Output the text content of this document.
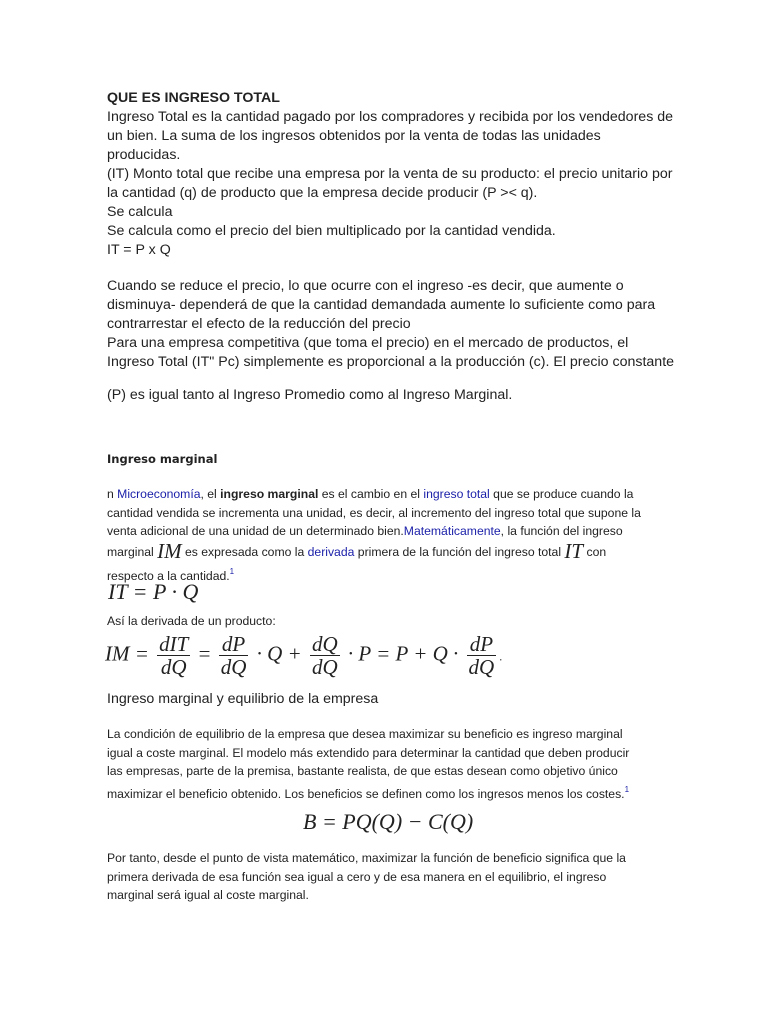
QUE ES INGRESO TOTAL

Ingreso Total es la cantidad pagado por los compradores y recibida por los vendedores de

un bien. La suma de los ingresos obtenidos por la venta de todas las unidades

producidas.

(IT) Monto total que recibe una empresa por la venta de su producto: el precio unitario por

la cantidad (q) de producto que la empresa decide producir (P >< q).

Se calcula

Se calcula como el precio del bien multiplicado por la cantidad vendida.

IT = P x Q

Cuando se reduce el precio, lo que ocurre con el ingreso -es decir, que aumente o

disminuya- dependerá de que la cantidad demandada aumente lo suficiente como para

contrarrestar el efecto de la reducción del precio

Para una empresa competitiva (que toma el precio) en el mercado de productos, el

Ingreso Total (IT" Pc) simplemente es proporcional a la producción (c). El precio constante

(P) es igual tanto al Ingreso Promedio como al Ingreso Marginal.

Ingreso marginal

n Microeconomía, el ingreso marginal es el cambio en el ingreso total que se produce cuando la

cantidad vendida se incrementa una unidad, es decir, al incremento del ingreso total que supone la

venta adicional de una unidad de un determinado bien.Matemáticamente, la función del ingreso

marginal IM es expresada como la derivada primera de la función del ingreso total IT con

respecto a la cantidad.$^1$

IT = P · Q

Así la derivada de un producto:

IM = $\frac{\text{dIT}}{dQ} = \frac{dP}{dQ} \cdot Q + \frac{dQ}{dQ} \cdot P = P + Q \cdot \frac{dP}{dQ}$ .

Ingreso marginal y equilibrio de la empresa

La condición de equilibrio de la empresa que desea maximizar su beneficio es ingreso marginal

igual a coste marginal. El modelo más extendido para determinar la cantidad que deben producir

las empresas, parte de la premisa, bastante realista, de que estas desean como objetivo único

maximizar el beneficio obtenido. Los beneficios se definen como los ingresos menos los costes.$^1$

B = PQ(Q) − C(Q)

Por tanto, desde el punto de vista matemático, maximizar la función de beneficio significa que la

primera derivada de esa función sea igual a cero y de esa manera en el equilibrio, el ingreso

marginal será igual al coste marginal.
